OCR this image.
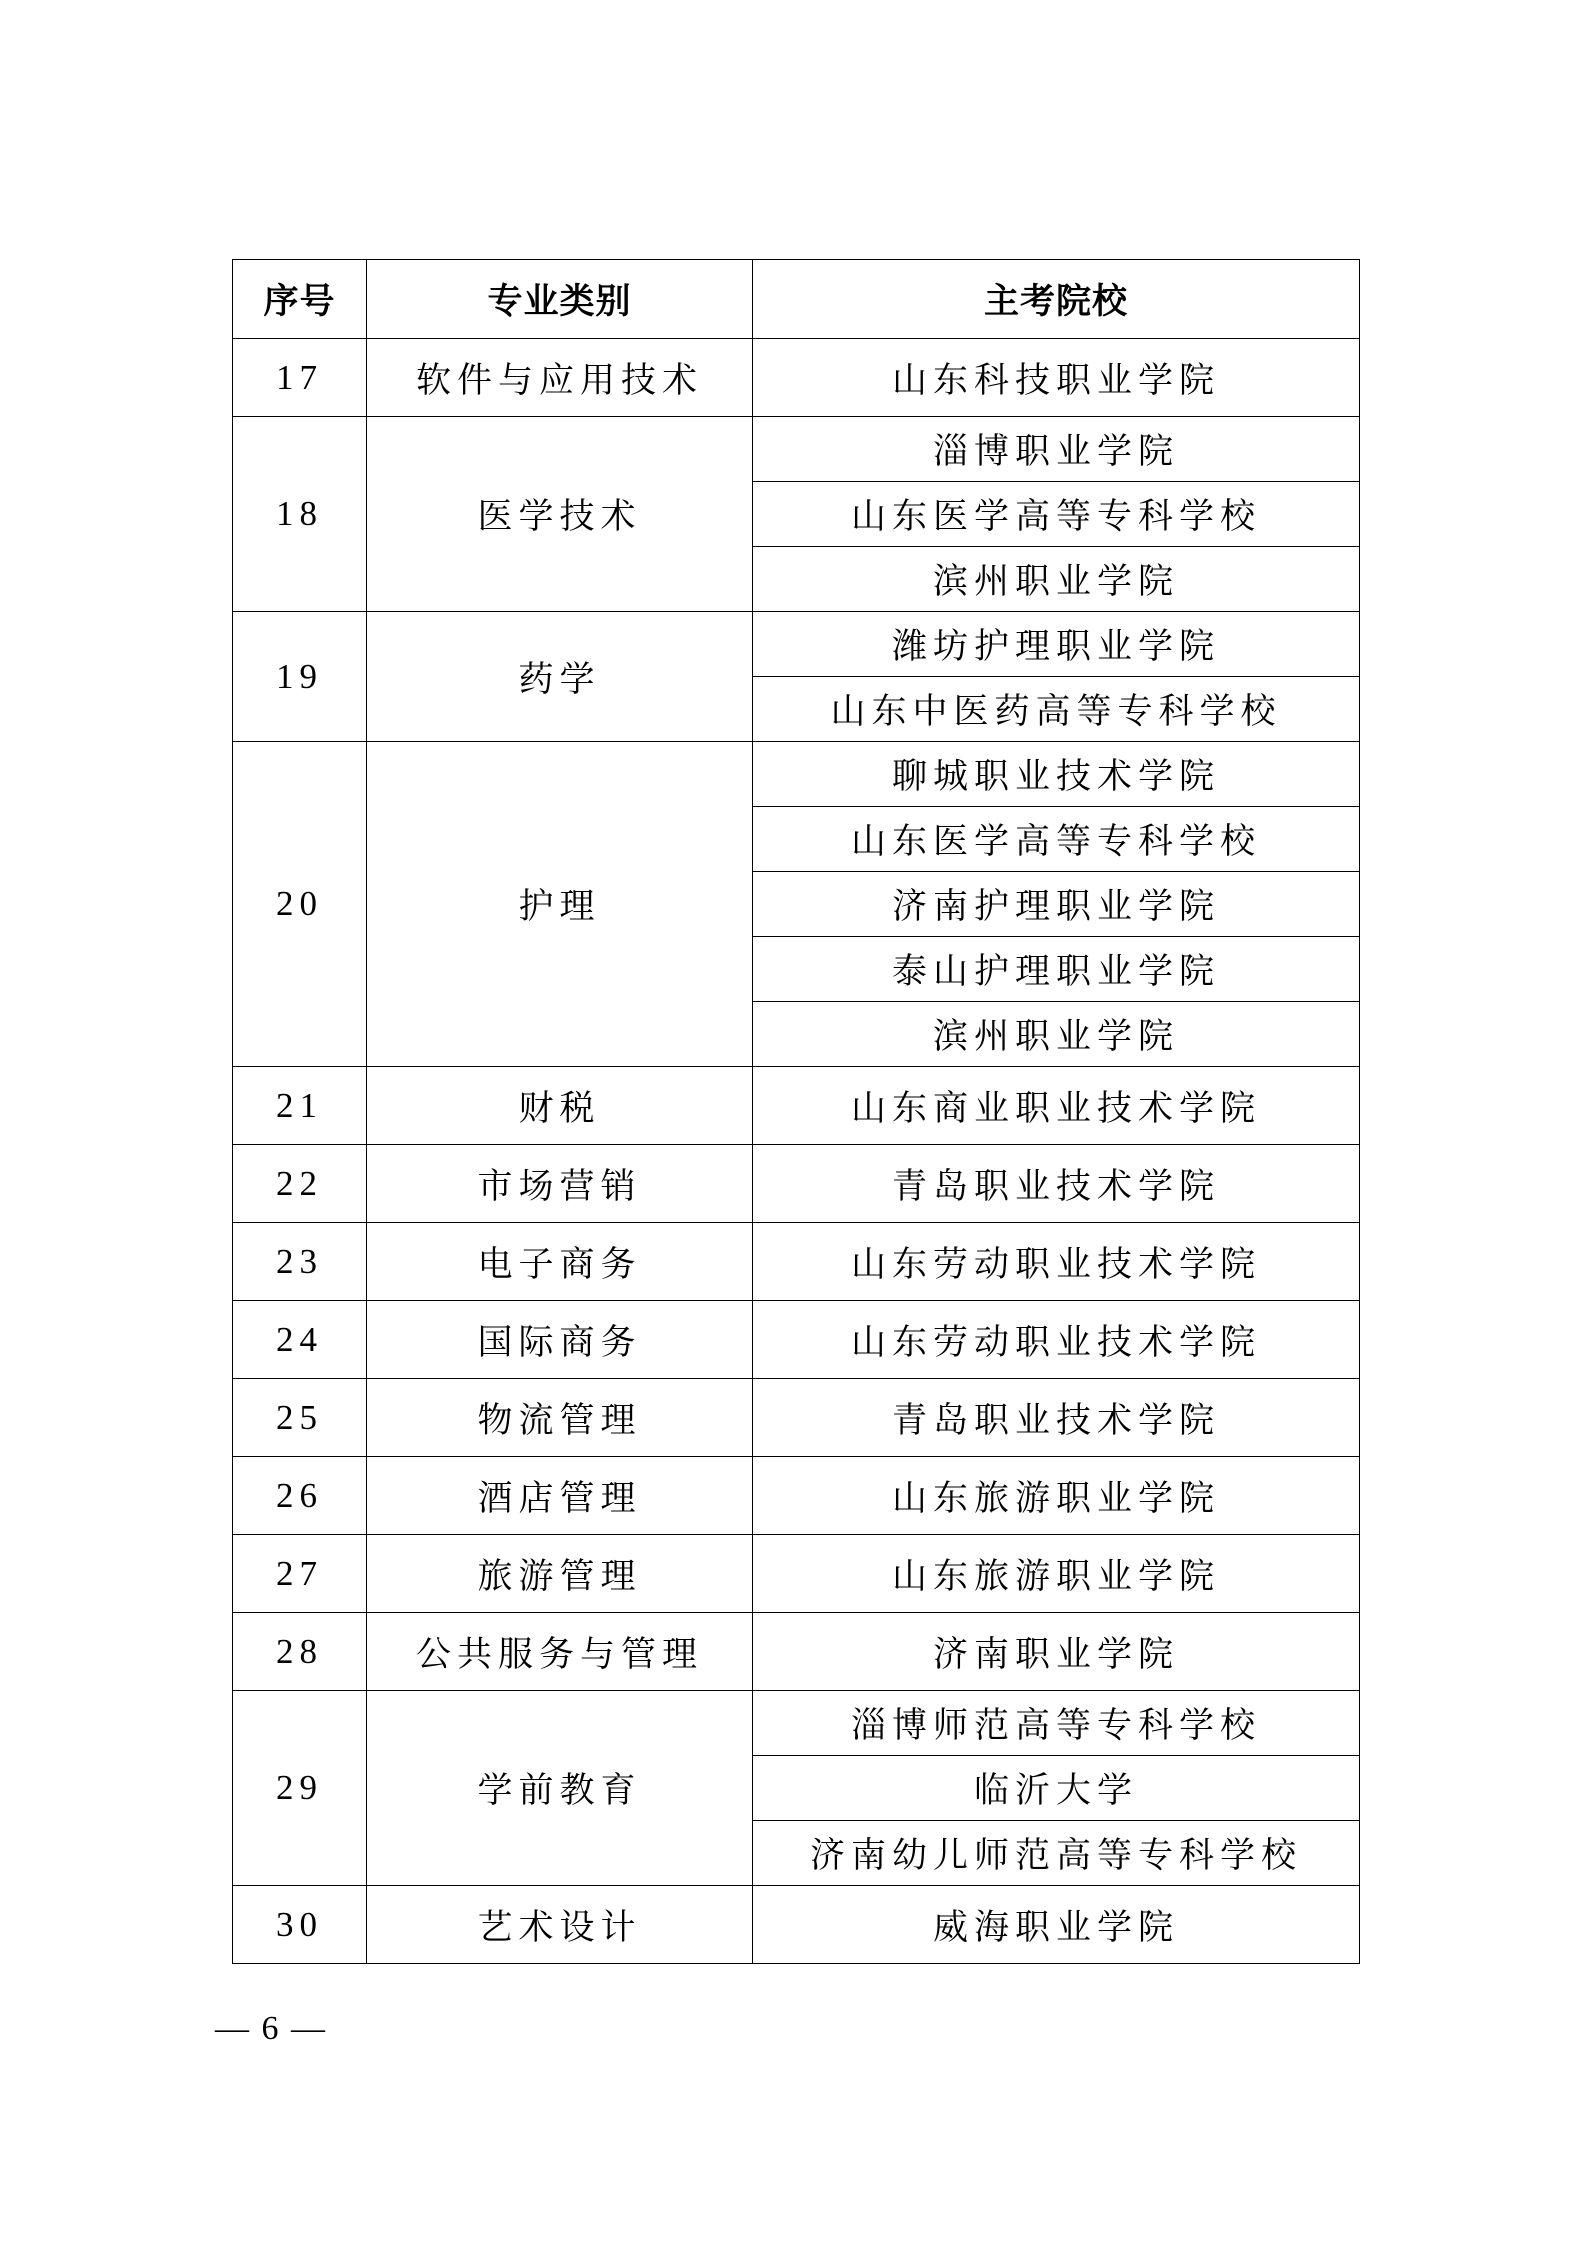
序号	专业类别	主考院校
17	软件与应用技术	山东科技职业学院
18	医学技术	淄博职业学院
		山东医学高等专科学校
		滨州职业学院
19	药学	潍坊护理职业学院
		山东中医药高等专科学校
20	护理	聊城职业技术学院
		山东医学高等专科学校
		济南护理职业学院
		泰山护理职业学院
		滨州职业学院
21	财税	山东商业职业技术学院
22	市场营销	青岛职业技术学院
23	电子商务	山东劳动职业技术学院
24	国际商务	山东劳动职业技术学院
25	物流管理	青岛职业技术学院
26	酒店管理	山东旅游职业学院
27	旅游管理	山东旅游职业学院
28	公共服务与管理	济南职业学院
29	学前教育	淄博师范高等专科学校
		临沂大学
		济南幼儿师范高等专科学校
30	艺术设计	威海职业学院
— 6 —
